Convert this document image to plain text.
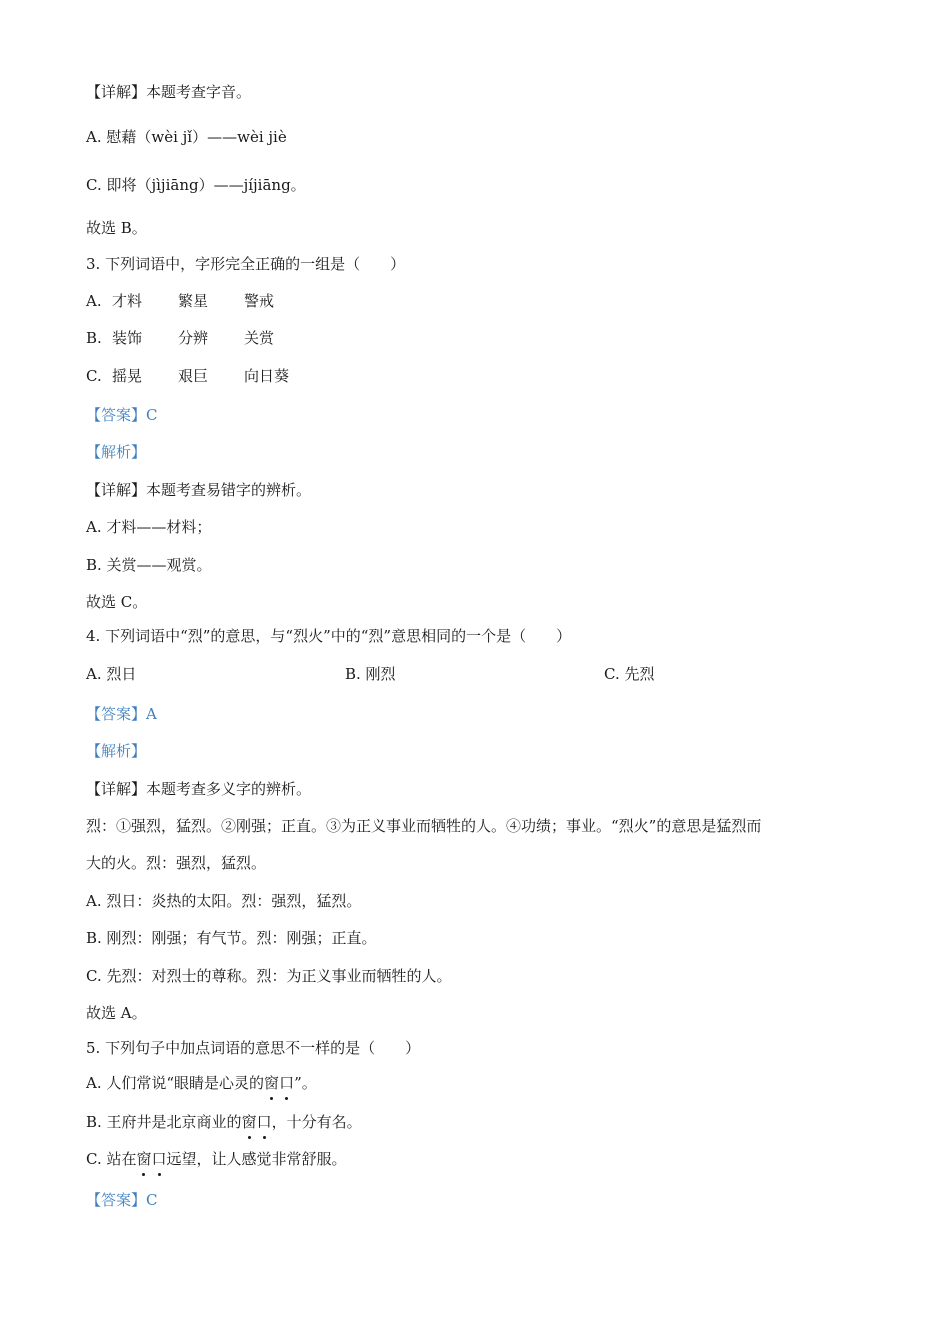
【详解】本题考查字音。
A. 慰藉（wèi jǐ）——wèi jiè
C. 即将（jìjiāng）——jíjiāng。
故选 B。
3. 下列词语中，字形完全正确的一组是（　　）
A. 才料 繁星 警戒
B. 装饰 分辨 关赏
C. 摇晃 艰巨 向日葵
【答案】C
【解析】
【详解】本题考查易错字的辨析。
A. 才料——材料；
B. 关赏——观赏。
故选 C。
4. 下列词语中“烈”的意思，与“烈火”中的“烈”意思相同的一个是（　　）
A. 烈日	B. 刚烈	C. 先烈
【答案】A
【解析】
【详解】本题考查多义字的辨析。
烈：①强烈，猛烈。②刚强；正直。③为正义事业而牺牲的人。④功绩；事业。“烈火”的意思是猛烈而
大的火。烈：强烈，猛烈。
A. 烈日：炎热的太阳。烈：强烈，猛烈。
B. 刚烈：刚强；有气节。烈：刚强；正直。
C. 先烈：对烈士的尊称。烈：为正义事业而牺牲的人。
故选 A。
5. 下列句子中加点词语的意思不一样的是（　　）
A. 人们常说“眼睛是心灵的窗口”。
B. 王府井是北京商业的窗口，十分有名。
C. 站在窗口远望，让人感觉非常舒服。
【答案】C
